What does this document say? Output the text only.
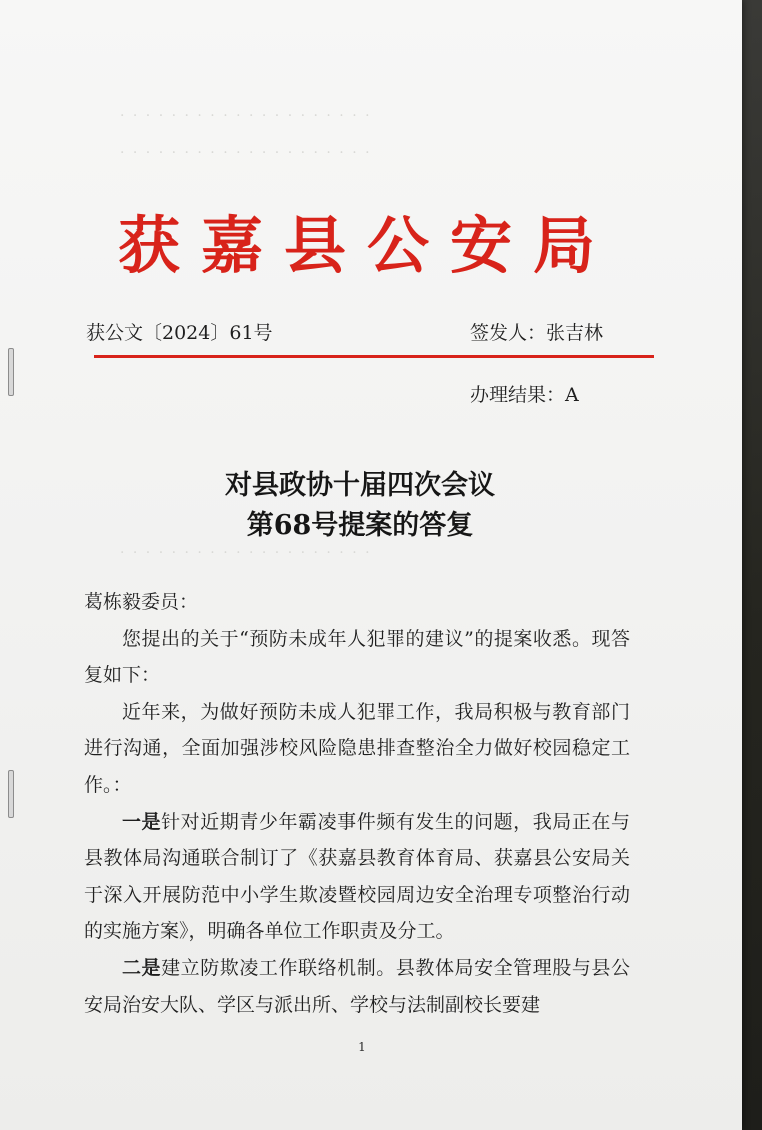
· · · · · · · · · · · · · · · · · · · ·
· · · · · · · · · · · · · · · · · · · ·
· · · · · · · · · · · · · · · · · · · ·
获嘉县公安局
获公文〔2024〕61号	签发人：张吉林
办理结果：A
对县政协十届四次会议
第68号提案的答复

葛栋毅委员：

您提出的关于“预防未成年人犯罪的建议”的提案收悉。现答复如下：

近年来，为做好预防未成人犯罪工作，我局积极与教育部门进行沟通，全面加强涉校风险隐患排查整治全力做好校园稳定工作。：

一是针对近期青少年霸凌事件频有发生的问题，我局正在与县教体局沟通联合制订了《获嘉县教育体育局、获嘉县公安局关于深入开展防范中小学生欺凌暨校园周边安全治理专项整治行动的实施方案》，明确各单位工作职责及分工。

二是建立防欺凌工作联络机制。县教体局安全管理股与县公安局治安大队、学区与派出所、学校与法制副校长要建

1
